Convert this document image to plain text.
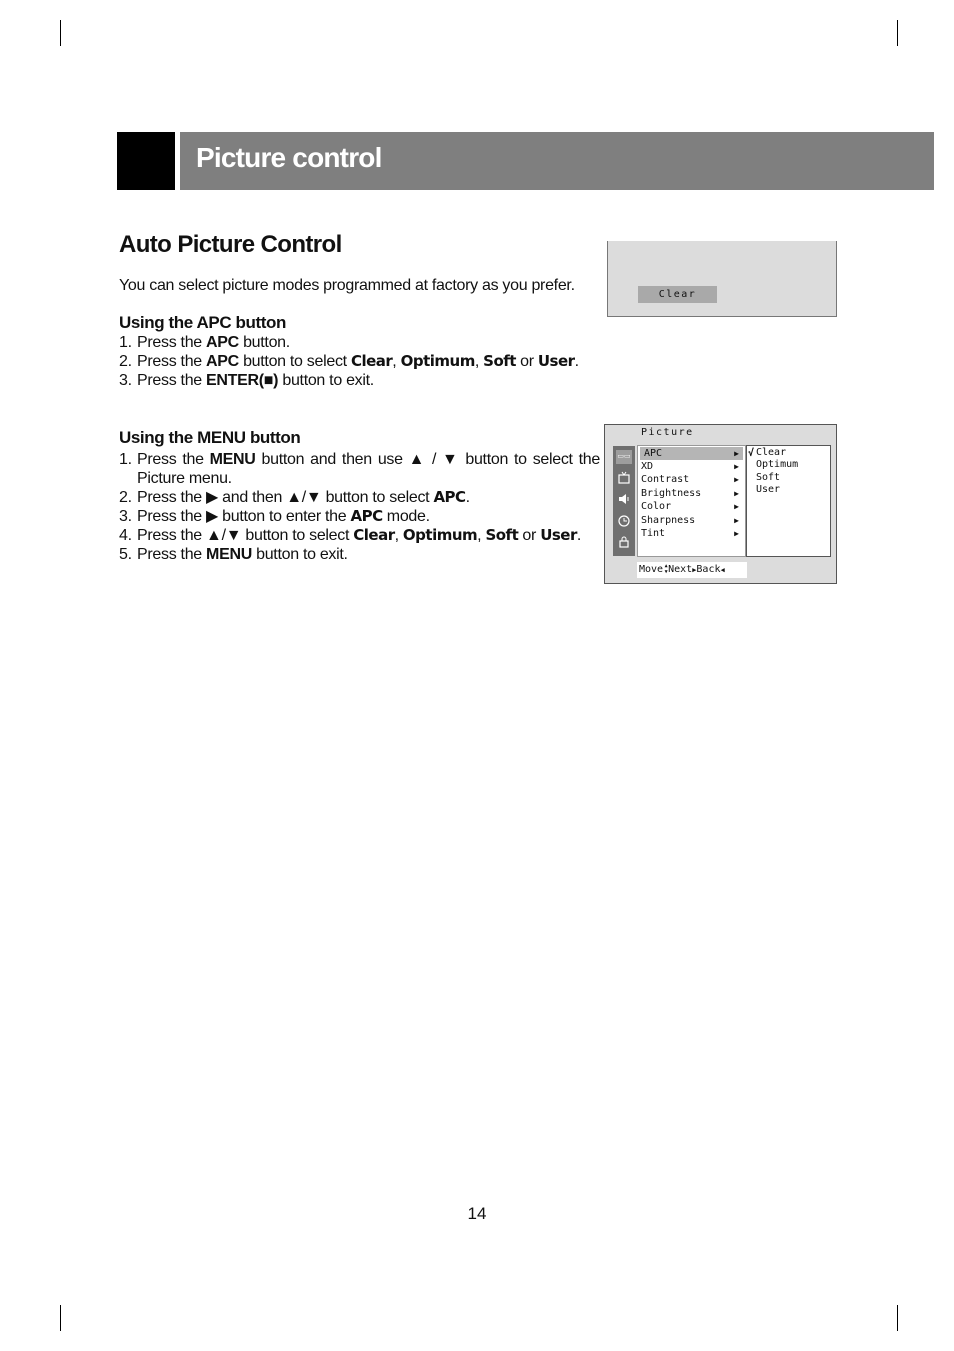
Picture control
Auto Picture Control
You can select picture modes programmed at factory as you prefer.
Using the APC button
1. Press the APC button.
2. Press the APC button to select Clear, Optimum, Soft or User.
3. Press the ENTER(■) button to exit.
Using the MENU button
1. Press the MENU button and then use ▲ / ▼ button to select the
Picture menu.
2. Press the ▶ and then ▲/▼ button to select APC.
3. Press the ▶ button to enter the APC mode.
4. Press the ▲/▼ button to select Clear, Optimum, Soft or User.
5. Press the MENU button to exit.
Clear
Picture
▭▭ APC	▶
XD	▶
Contrast	▶
Brightness	▶
Color	▶
Sharpness	▶
Tint	▶
√ Clear
Optimum
Soft
User
Move▲▼Next▶Back◀
14
